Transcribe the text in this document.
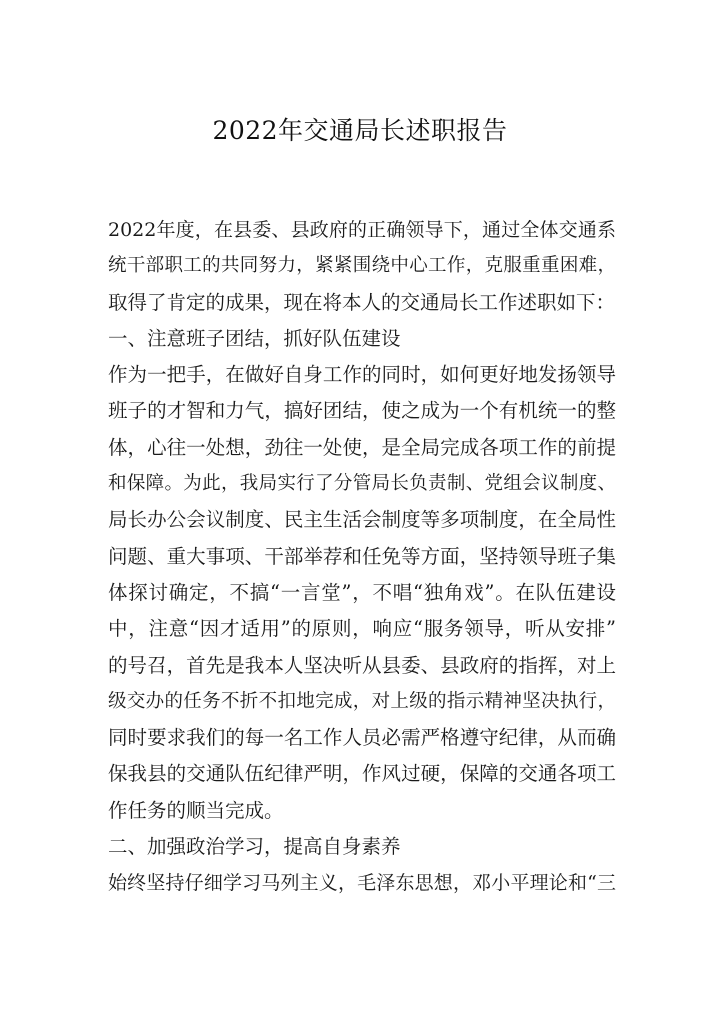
2022年交通局长述职报告
2022年度，在县委、县政府的正确领导下，通过全体交通系
统干部职工的共同努力，紧紧围绕中心工作，克服重重困难，
取得了肯定的成果，现在将本人的交通局长工作述职如下：
一、注意班子团结，抓好队伍建设
作为一把手，在做好自身工作的同时，如何更好地发扬领导
班子的才智和力气，搞好团结，使之成为一个有机统一的整
体，心往一处想，劲往一处使，是全局完成各项工作的前提
和保障。为此，我局实行了分管局长负责制、党组会议制度、
局长办公会议制度、民主生活会制度等多项制度，在全局性
问题、重大事项、干部举荐和任免等方面，坚持领导班子集
体探讨确定，不搞“一言堂”，不唱“独角戏”。在队伍建设
中，注意“因才适用”的原则，响应“服务领导，听从安排”
的号召，首先是我本人坚决听从县委、县政府的指挥，对上
级交办的任务不折不扣地完成，对上级的指示精神坚决执行，
同时要求我们的每一名工作人员必需严格遵守纪律，从而确
保我县的交通队伍纪律严明，作风过硬，保障的交通各项工
作任务的顺当完成。
二、加强政治学习，提高自身素养
始终坚持仔细学习马列主义，毛泽东思想，邓小平理论和“三
